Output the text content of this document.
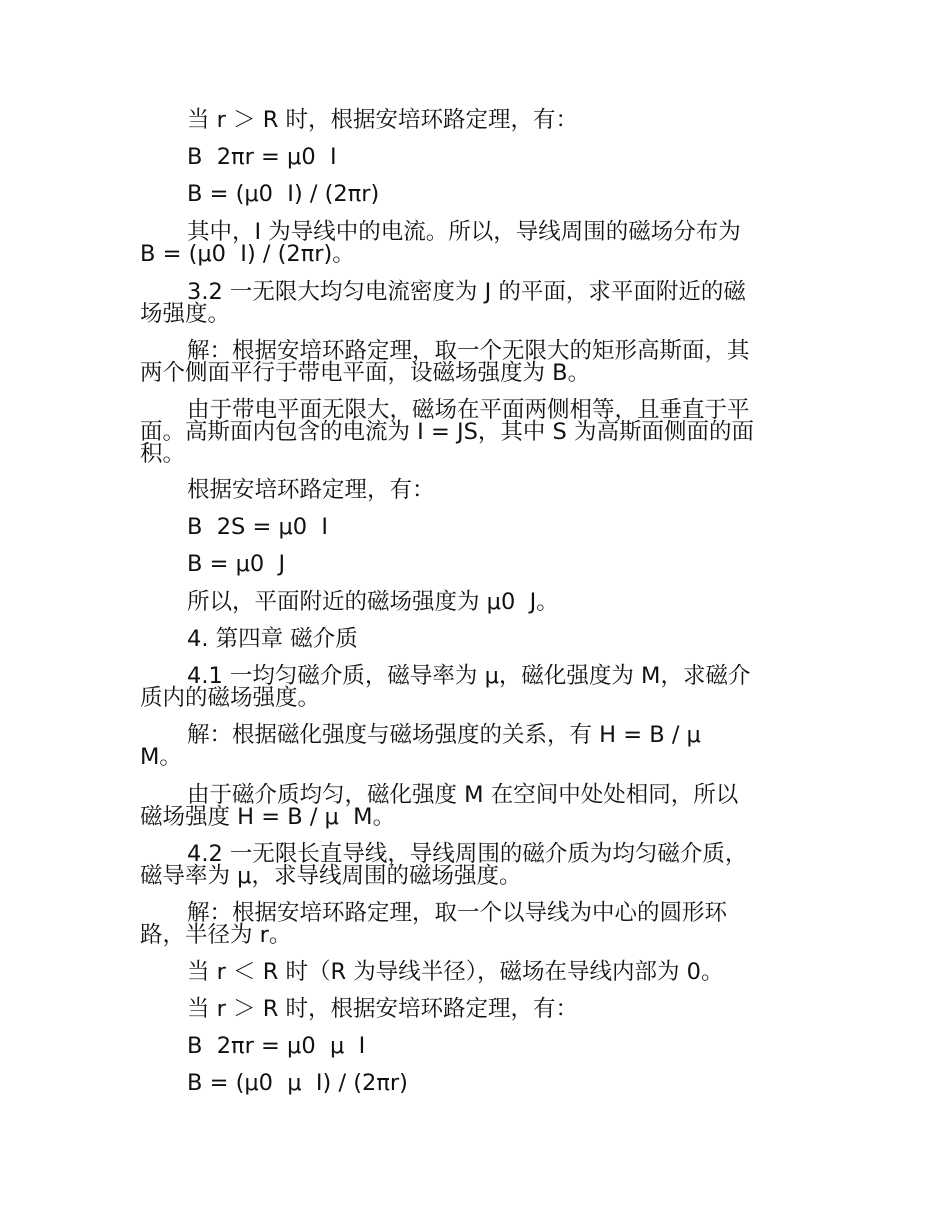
当 r ＞ R 时，根据安培环路定理，有：
B  2πr = μ0  I
B = (μ0  I) / (2πr)
其中，I 为导线中的电流。所以，导线周围的磁场分布为
B = (μ0  I) / (2πr)。
3.2 一无限大均匀电流密度为 J 的平面，求平面附近的磁
场强度。
解：根据安培环路定理，取一个无限大的矩形高斯面，其
两个侧面平行于带电平面，设磁场强度为 B。
由于带电平面无限大，磁场在平面两侧相等，且垂直于平
面。高斯面内包含的电流为 I = JS，其中 S 为高斯面侧面的面
积。
根据安培环路定理，有：
B  2S = μ0  I
B = μ0  J
所以，平面附近的磁场强度为 μ0  J。
4. 第四章 磁介质
4.1 一均匀磁介质，磁导率为 μ，磁化强度为 M，求磁介
质内的磁场强度。
解：根据磁化强度与磁场强度的关系，有 H = B / μ
M。
由于磁介质均匀，磁化强度 M 在空间中处处相同，所以
磁场强度 H = B / μ  M。
4.2 一无限长直导线，导线周围的磁介质为均匀磁介质，
磁导率为 μ，求导线周围的磁场强度。
解：根据安培环路定理，取一个以导线为中心的圆形环
路，半径为 r。
当 r ＜ R 时（R 为导线半径），磁场在导线内部为 0。
当 r ＞ R 时，根据安培环路定理，有：
B  2πr = μ0  μ  I
B = (μ0  μ  I) / (2πr)
